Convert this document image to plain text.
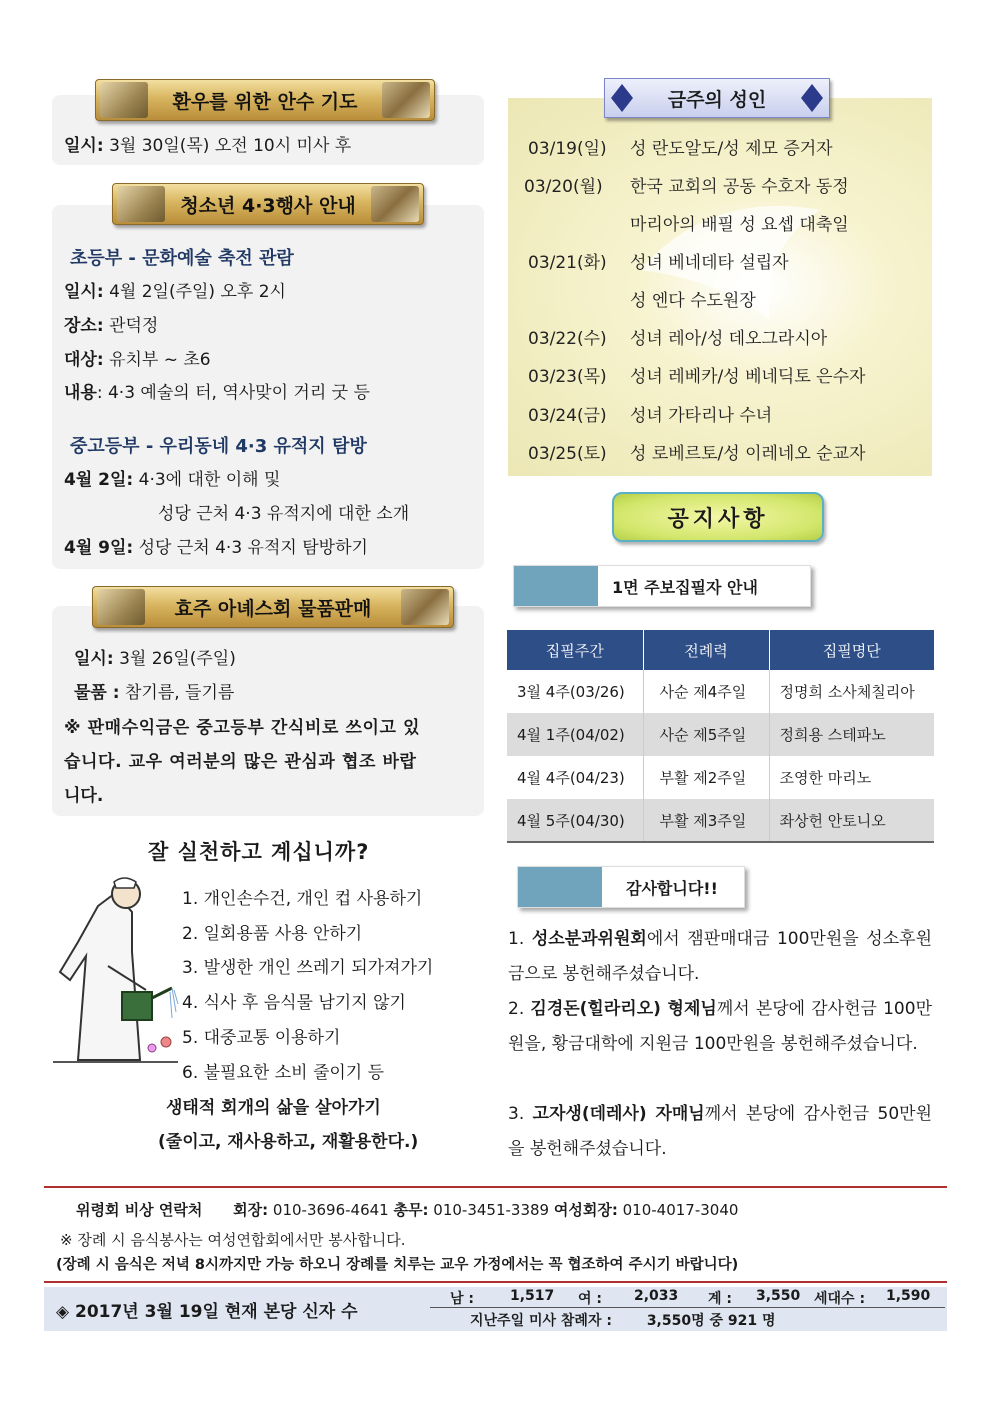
환우를 위한 안수 기도
일시: 3월 30일(목) 오전 10시 미사 후
청소년 4·3행사 안내
초등부 - 문화예술 축전 관람
일시: 4월 2일(주일) 오후 2시
장소: 관덕정
대상: 유치부 ~ 초6
내용: 4·3 예술의 터, 역사맞이 거리 굿 등
중고등부 - 우리동네 4·3 유적지 탐방
4월 2일: 4·3에 대한 이해 및
성당 근처 4·3 유적지에 대한 소개
4월 9일: 성당 근처 4·3 유적지 탐방하기
효주 아녜스회 물품판매
일시: 3월 26일(주일)
물품 : 참기름, 들기름
※ 판매수익금은 중고등부 간식비로 쓰이고 있
습니다. 교우 여러분의 많은 관심과 협조 바랍
니다.
잘 실천하고 계십니까?
1. 개인손수건, 개인 컵 사용하기
2. 일회용품 사용 안하기
3. 발생한 개인 쓰레기 되가져가기
4. 식사 후 음식물 남기지 않기
5. 대중교통 이용하기
6. 불필요한 소비 줄이기 등
생태적 회개의 삶을 살아가기
(줄이고, 재사용하고, 재활용한다.)
금주의 성인
03/19(일) 성 란도알도/성 제모 증거자
03/20(월) 한국 교회의 공동 수호자 동정
마리아의 배필 성 요셉 대축일
03/21(화) 성녀 베네데타 설립자
성 엔다 수도원장
03/22(수) 성녀 레아/성 데오그라시아
03/23(목) 성녀 레베카/성 베네딕토 은수자
03/24(금) 성녀 가타리나 수녀
03/25(토) 성 로베르토/성 이레네오 순교자
공지사항
1면 주보집필자 안내
집필주간	전례력	집필명단
3월 4주(03/26)	사순 제4주일	정명희 소사체칠리아
4월 1주(04/02)	사순 제5주일	정희용 스테파노
4월 4주(04/23)	부활 제2주일	조영한 마리노
4월 5주(04/30)	부활 제3주일	좌상헌 안토니오
감사합니다!!
1. 성소분과위원회에서 잼판매대금 100만원을 성소후원금으로 봉헌해주셨습니다.
2. 김경돈(힐라리오) 형제님께서 본당에 감사헌금 100만원을, 황금대학에 지원금 100만원을 봉헌해주셨습니다.
3. 고자생(데레사) 자매님께서 본당에 감사헌금 50만원을 봉헌해주셨습니다.
위령회 비상 연락처 회장: 010-3696-4641 총무: 010-3451-3389 여성회장: 010-4017-3040
※ 장례 시 음식봉사는 여성연합회에서만 봉사합니다.
(장례 시 음식은 저녁 8시까지만 가능 하오니 장례를 치루는 교우 가정에서는 꼭 협조하여 주시기 바랍니다)
◈ 2017년 3월 19일 현재 본당 신자 수
남 :	1,517 여 : 2,033 계 : 3,550 세대수 : 1,590
지난주일 미사 참례자 : 3,550명 중 921 명
